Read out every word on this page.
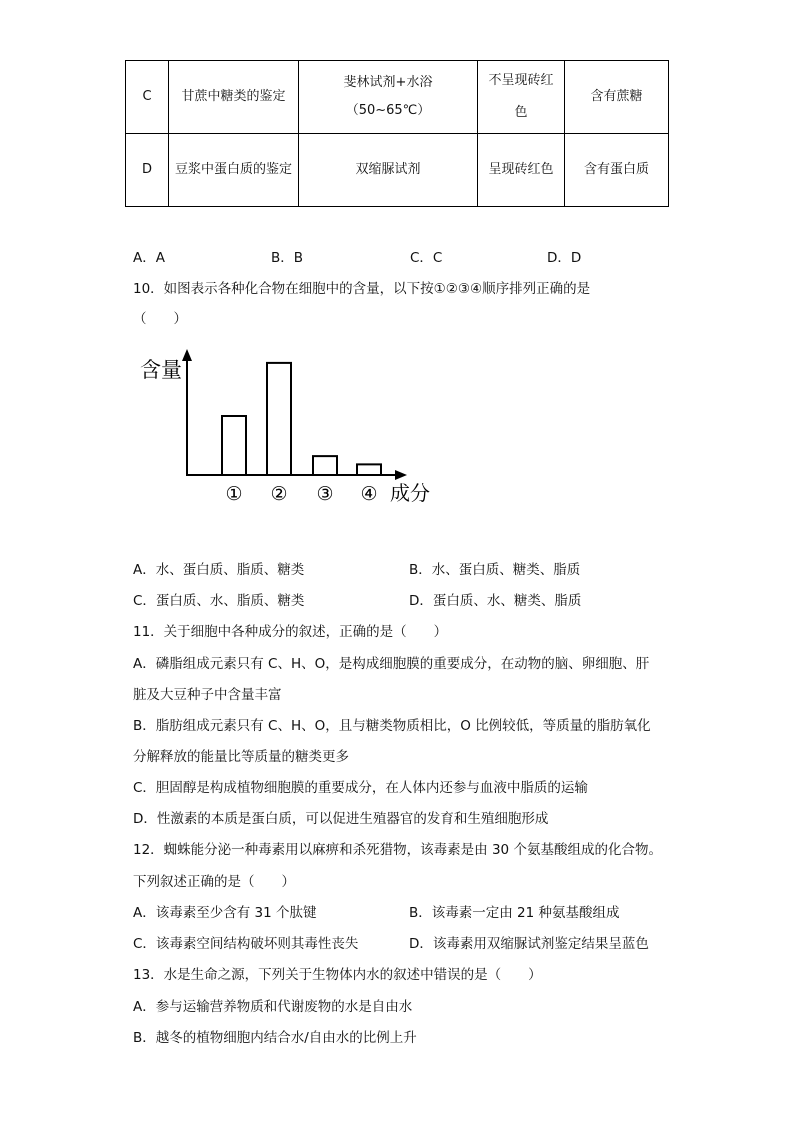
C	甘蔗中糖类的鉴定	斐林试剂+水浴（50~65℃）	不呈现砖红色	含有蔗糖
D	豆浆中蛋白质的鉴定	双缩脲试剂	呈现砖红色	含有蛋白质
A．A	B．B	C．C	D．D
10．如图表示各种化合物在细胞中的含量，以下按①②③④顺序排列正确的是
（　　）
含量
① ② ③ ④ 成分
A．水、蛋白质、脂质、糖类	B．水、蛋白质、糖类、脂质
C．蛋白质、水、脂质、糖类	D．蛋白质、水、糖类、脂质
11．关于细胞中各种成分的叙述，正确的是（　　）
A．磷脂组成元素只有 C、H、O，是构成细胞膜的重要成分，在动物的脑、卵细胞、肝
脏及大豆种子中含量丰富
B．脂肪组成元素只有 C、H、O，且与糖类物质相比，O 比例较低，等质量的脂肪氧化
分解释放的能量比等质量的糖类更多
C．胆固醇是构成植物细胞膜的重要成分，在人体内还参与血液中脂质的运输
D．性激素的本质是蛋白质，可以促进生殖器官的发育和生殖细胞形成
12．蜘蛛能分泌一种毒素用以麻痹和杀死猎物，该毒素是由 30 个氨基酸组成的化合物。
下列叙述正确的是（　　）
A．该毒素至少含有 31 个肽键	B．该毒素一定由 21 种氨基酸组成
C．该毒素空间结构破坏则其毒性丧失	D．该毒素用双缩脲试剂鉴定结果呈蓝色
13．水是生命之源，下列关于生物体内水的叙述中错误的是（　　）
A．参与运输营养物质和代谢废物的水是自由水
B．越冬的植物细胞内结合水/自由水的比例上升
